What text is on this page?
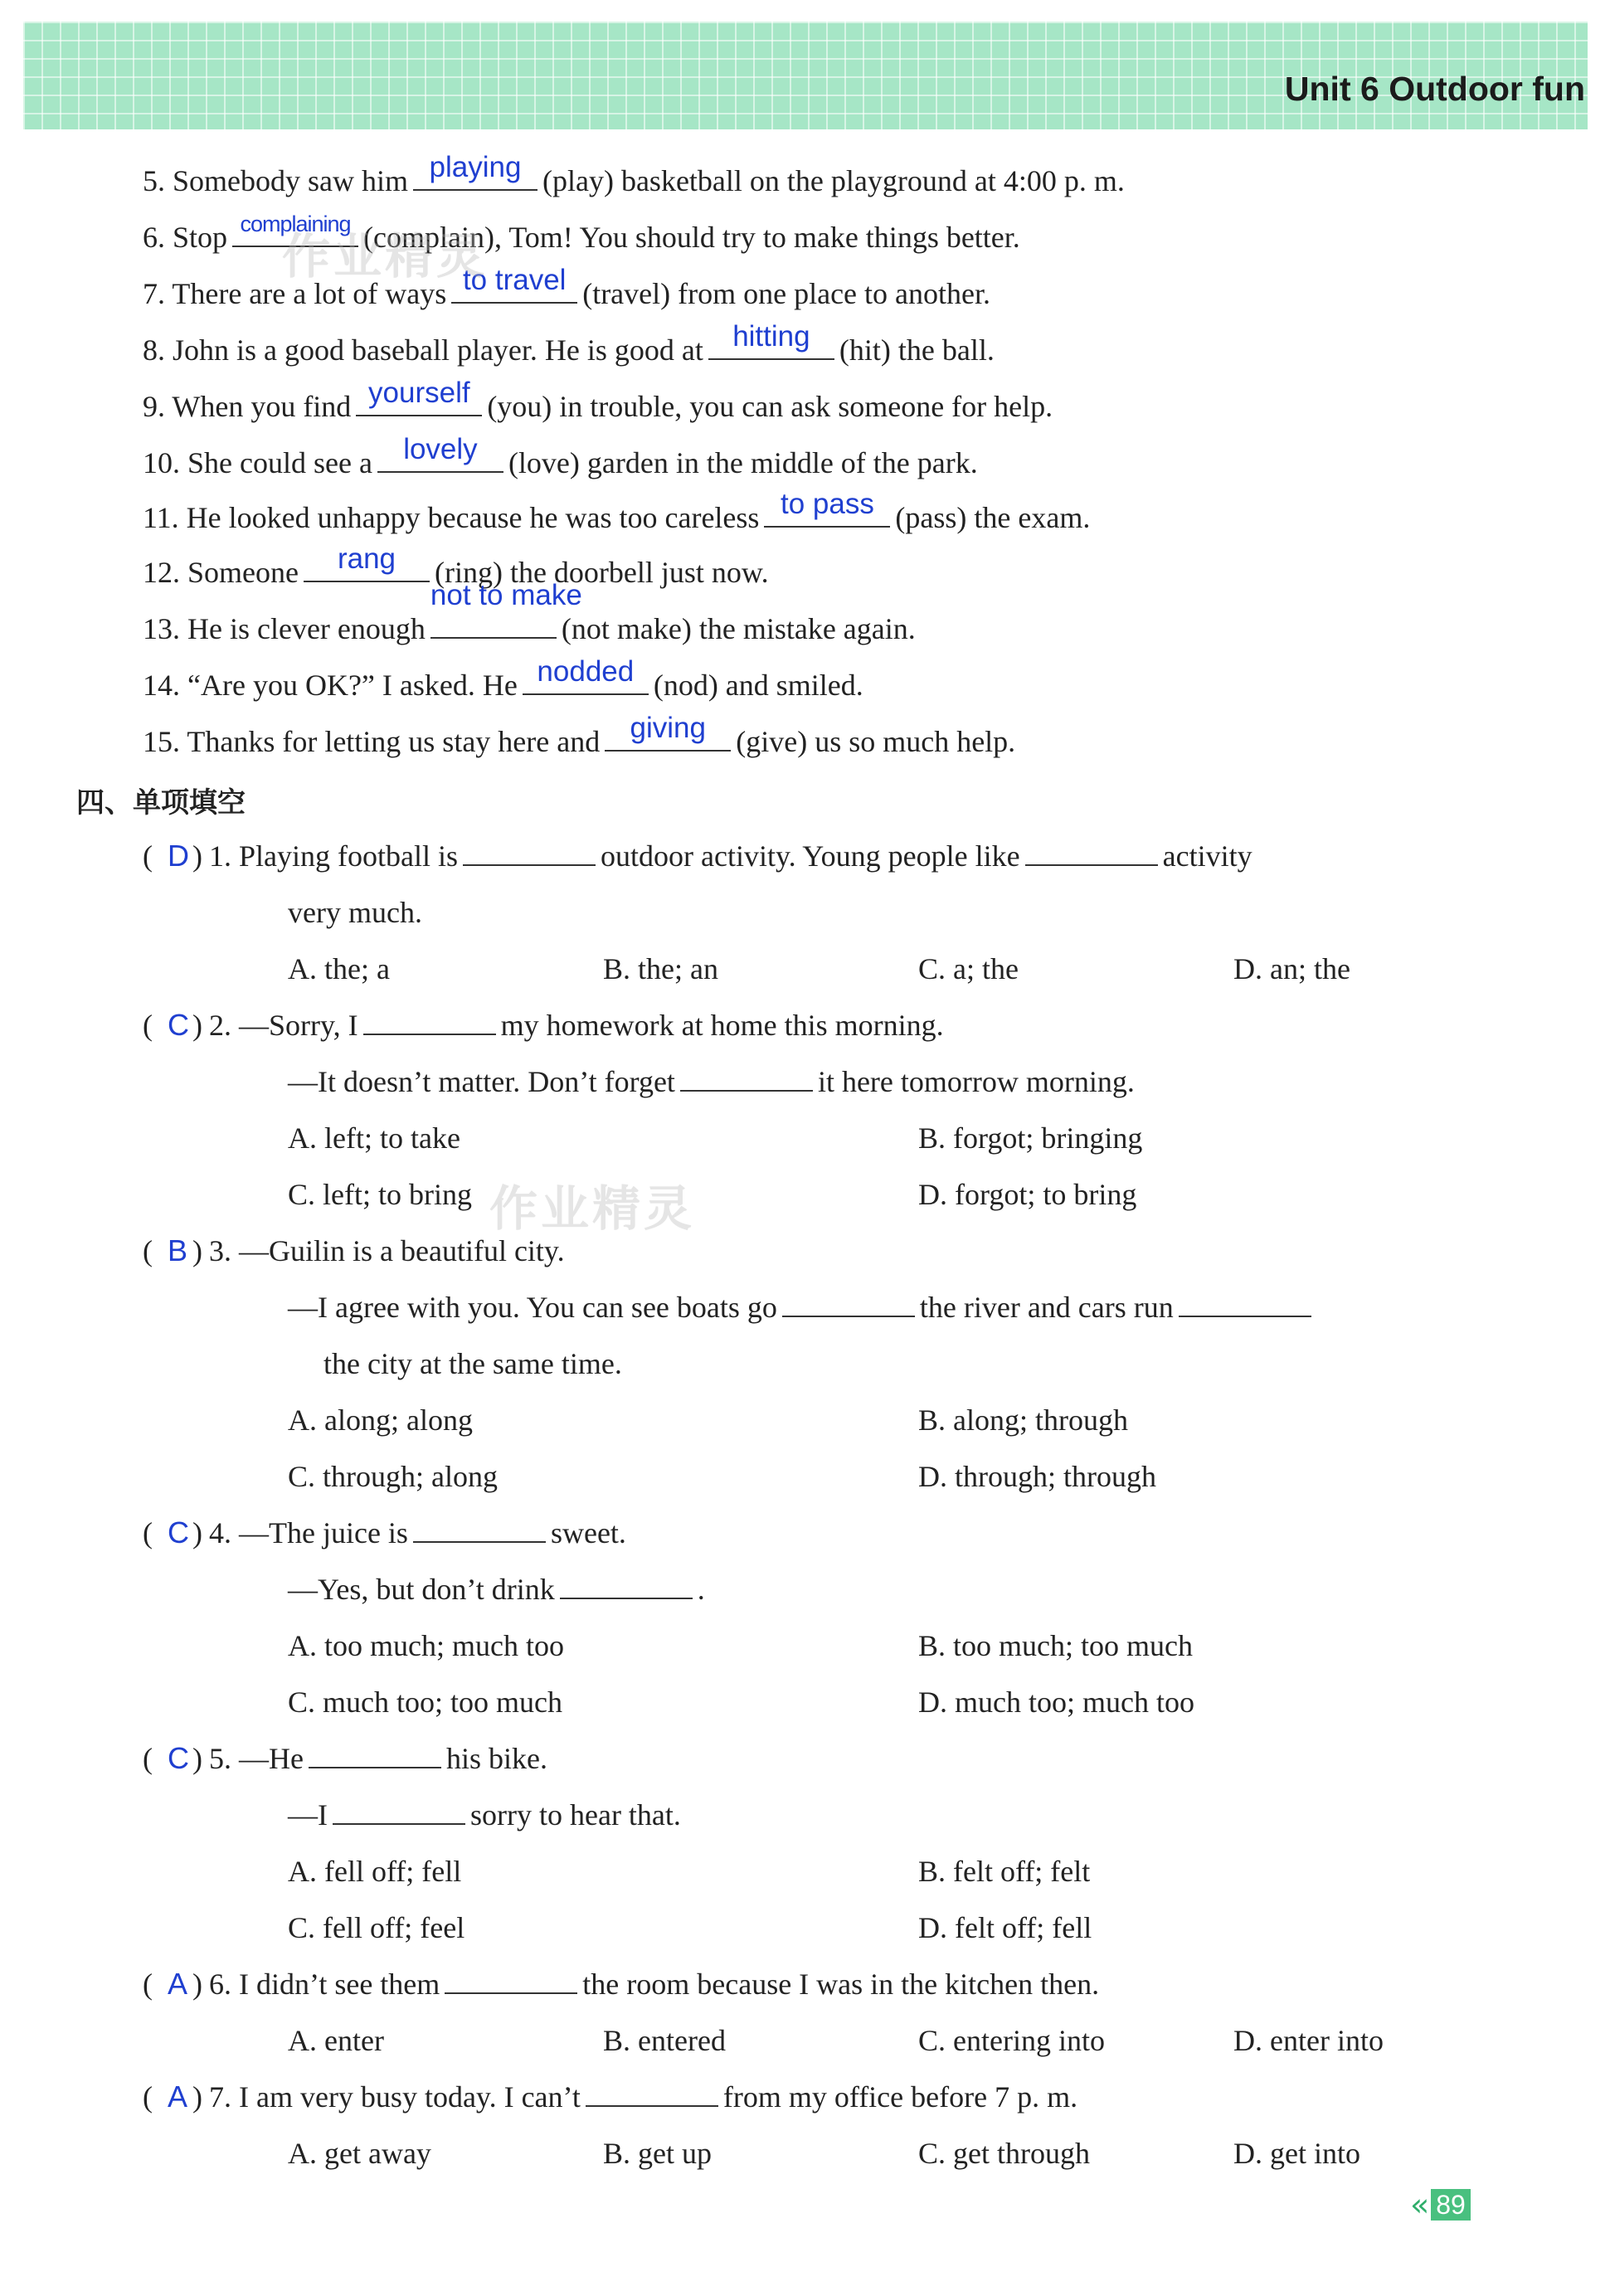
Unit 6 Outdoor fun
5. Somebody saw him playing (play) basketball on the playground at 4:00 p. m.
6. Stop complaining (complain), Tom! You should try to make things better.
7. There are a lot of ways to travel (travel) from one place to another.
8. John is a good baseball player. He is good at	hitting (hit) the ball.
9. When you find yourself (you) in trouble, you can ask someone for help.
10. She could see a	lovely	(love) garden in the middle of the park.
11. He looked unhappy because he was too careless to pass (pass) the exam.
12. Someone	rang	(ring) the doorbell just now.
13. He is clever enough
not to make
(not make) the mistake again.
14. “Are you OK?” I asked. He nodded (nod) and smiled.
15. Thanks for letting us stay here and	giving	(give) us so much help.
四、单项填空
( D ) 1. Playing football is	outdoor activity. Young people like	activity
very much.
A. the; a	B. the; an	C. a; the	D. an; the
( C ) 2. —Sorry, I	my homework at home this morning.
—It doesn’t matter. Don’t forget	it here tomorrow morning.
A. left; to take	B. forgot; bringing
C. left; to bring	D. forgot; to bring
( B ) 3. —Guilin is a beautiful city.
—I agree with you. You can see boats go	the river and cars run
the city at the same time.
A. along; along	B. along; through
C. through; along	D. through; through
( C ) 4. —The juice is	sweet.
—Yes, but don’t drink	.
A. too much; much too	B. too much; too much
C. much too; too much	D. much too; much too
( C ) 5. —He	his bike.
—I	sorry to hear that.
A. fell off; fell	B. felt off; felt
C. fell off; feel	D. felt off; fell
( A ) 6. I didn’t see them	the room because I was in the kitchen then.
A. enter	B. entered	C. entering into	D. enter into
( A ) 7. I am very busy today. I can’t	from my office before 7 p. m.
A. get away	B. get up	C. get through	D. get into
作业精灵
作业精灵
« 89
